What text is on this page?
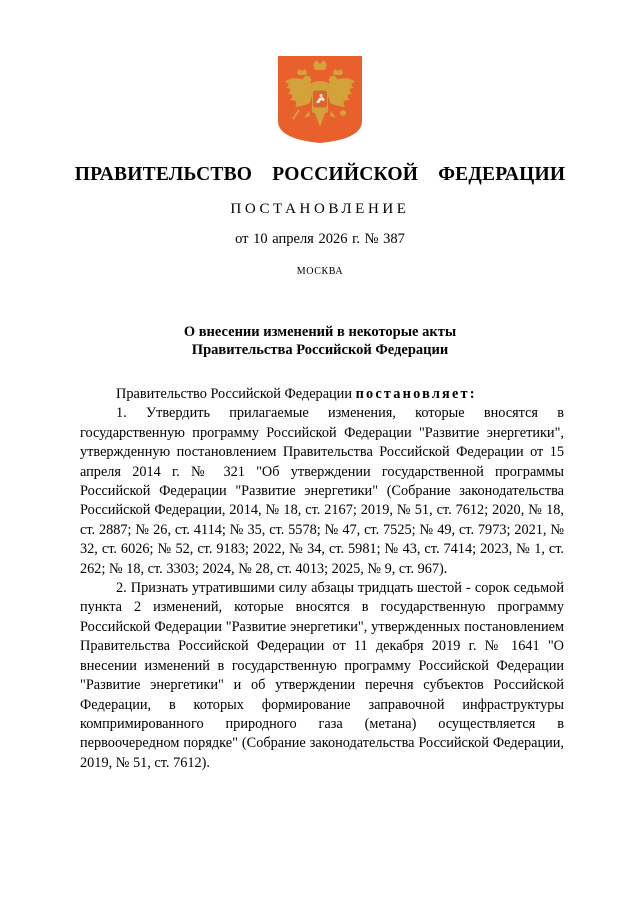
ПРАВИТЕЛЬСТВО  РОССИЙСКОЙ  ФЕДЕРАЦИИ
ПОСТАНОВЛЕНИЕ
от 10 апреля 2026 г. № 387
МОСКВА
О внесении изменений в некоторые акты
Правительства Российской Федерации

Правительство Российской Федерации постановляет:

1. Утвердить прилагаемые изменения, которые вносятся в государственную программу Российской Федерации "Развитие энергетики", утвержденную постановлением Правительства Российской Федерации от 15 апреля 2014 г. № 321 "Об утверждении государственной программы Российской Федерации "Развитие энергетики" (Собрание законодательства Российской Федерации, 2014, № 18, ст. 2167; 2019, № 51, ст. 7612; 2020, № 18, ст. 2887; № 26, ст. 4114; № 35, ст. 5578; № 47, ст. 7525; № 49, ст. 7973; 2021, № 32, ст. 6026; № 52, ст. 9183; 2022, № 34, ст. 5981; № 43, ст. 7414; 2023, № 1, ст. 262; № 18, ст. 3303; 2024, № 28, ст. 4013; 2025, № 9, ст. 967).

2. Признать утратившими силу абзацы тридцать шестой - сорок седьмой пункта 2 изменений, которые вносятся в государственную программу Российской Федерации "Развитие энергетики", утвержденных постановлением Правительства Российской Федерации от 11 декабря 2019 г. № 1641 "О внесении изменений в государственную программу Российской Федерации "Развитие энергетики" и об утверждении перечня субъектов Российской Федерации, в которых формирование заправочной инфраструктуры компримированного природного газа (метана) осуществляется в первоочередном порядке" (Собрание законодательства Российской Федерации, 2019, № 51, ст. 7612).
